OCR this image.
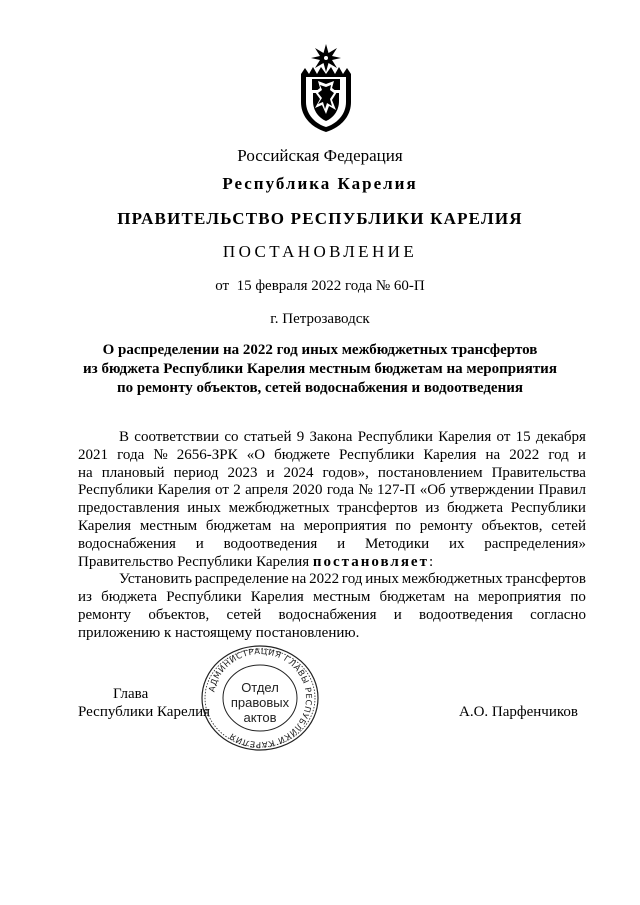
Российская Федерация
Республика Карелия
ПРАВИТЕЛЬСТВО РЕСПУБЛИКИ КАРЕЛИЯ
ПОСТАНОВЛЕНИЕ
от  15 февраля 2022 года № 60-П
г. Петрозаводск
О распределении на 2022 год иных межбюджетных трансфертов
из бюджета Республики Карелия местным бюджетам на мероприятия
по ремонту объектов, сетей водоснабжения и водоотведения
В соответствии со статьей 9 Закона Республики Карелия от 15 декабря
2021 года № 2656-ЗРК «О бюджете Республики Карелия на 2022 год и
на плановый период 2023 и 2024 годов», постановлением Правительства
Республики Карелия от 2 апреля 2020 года № 127-П «Об утверждении Правил
предоставления иных межбюджетных трансфертов из бюджета Республики
Карелия местным бюджетам на мероприятия по ремонту объектов, сетей
водоснабжения и водоотведения и Методики их распределения»
Правительство Республики Карелия постановляет:
Установить распределение на 2022 год иных межбюджетных трансфертов
из бюджета Республики Карелия местным бюджетам на мероприятия по
ремонту объектов, сетей водоснабжения и водоотведения согласно
приложению к настоящему постановлению.
Глава
Республики Карелия	А.О. Парфенчиков
АДМИНИСТРАЦИЯ ГЛАВЫ РЕСПУБЛИКИ КАРЕЛИЯ
Отдел
правовых
актов
